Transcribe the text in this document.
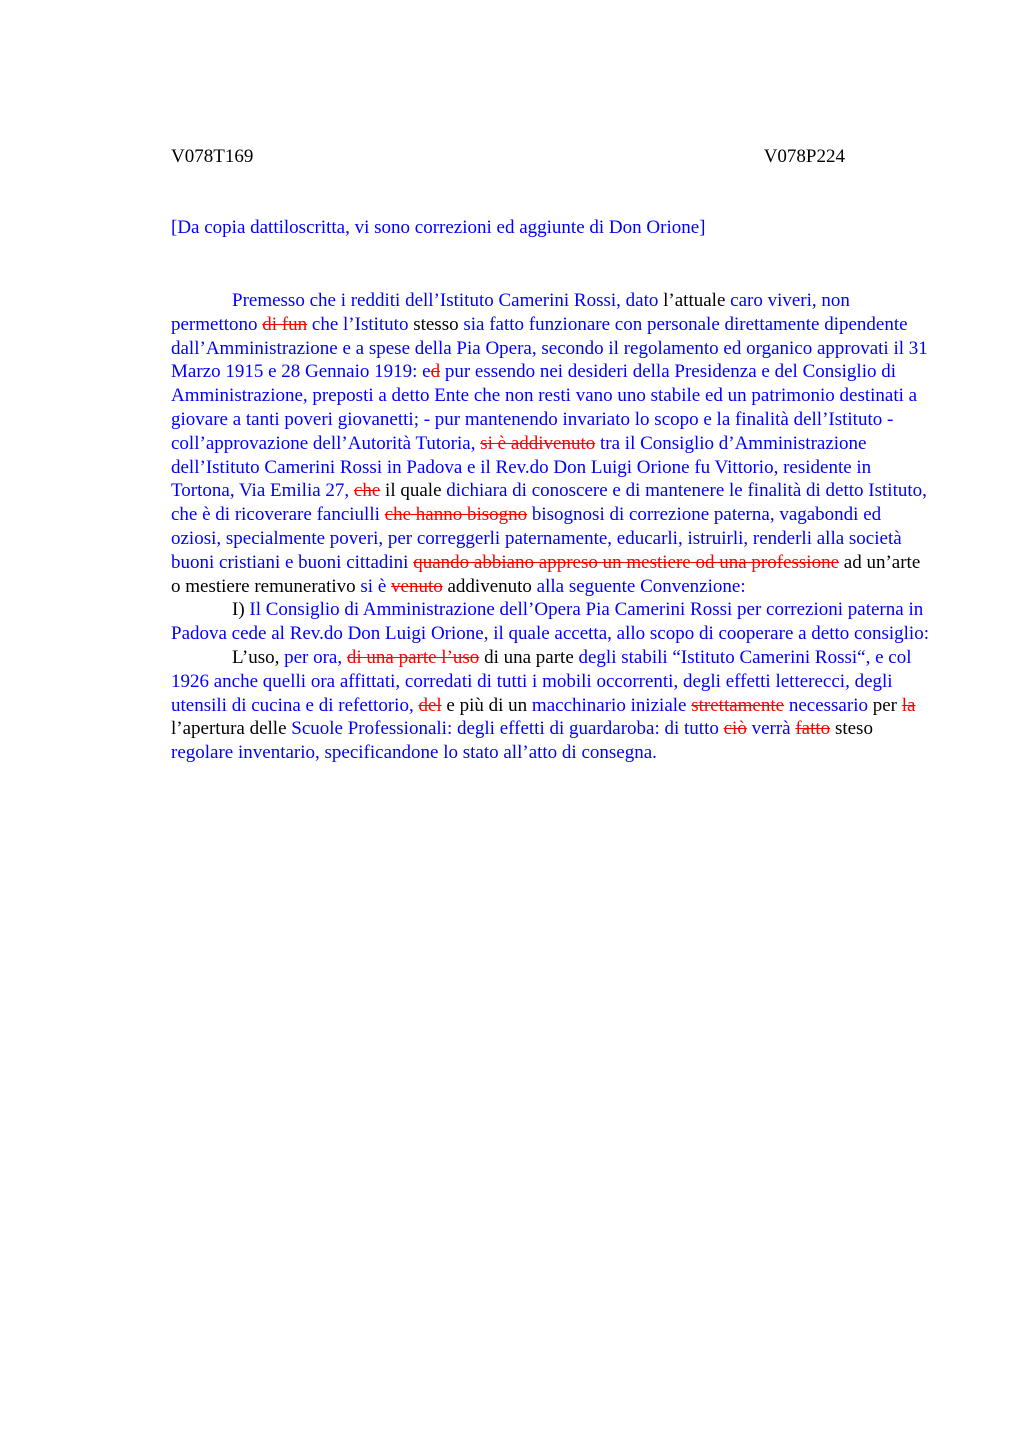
V078T169	V078P224
[Da copia dattiloscritta, vi sono correzioni ed aggiunte di Don Orione]

Premesso che i redditi dell’Istituto Camerini Rossi, dato l’attuale caro viveri, non permettono di fun che l’Istituto stesso sia fatto funzionare con personale direttamente dipendente dall’Amministrazione e a spese della Pia Opera, secondo il regolamento ed organico approvati il 31 Marzo 1915 e 28 Gennaio 1919: ed pur essendo nei desideri della Presidenza e del Consiglio di Amministrazione, preposti a detto Ente che non resti vano uno stabile ed un patrimonio destinati a giovare a tanti poveri giovanetti; - pur mantenendo invariato lo scopo e la finalità dell’Istituto - coll’approvazione dell’Autorità Tutoria, si è addivenuto tra il Consiglio d’Amministrazione dell’Istituto Camerini Rossi in Padova e il Rev.do Don Luigi Orione fu Vittorio, residente in Tortona, Via Emilia 27, che il quale dichiara di conoscere e di mantenere le finalità di detto Istituto, che è di ricoverare fanciulli che hanno bisogno bisognosi di correzione paterna, vagabondi ed oziosi, specialmente poveri, per correggerli paternamente, educarli, istruirli, renderli alla società buoni cristiani e buoni cittadini quando abbiano appreso un mestiere od una professione ad un’arte o mestiere remunerativo si è venuto addivenuto alla seguente Convenzione:

I) Il Consiglio di Amministrazione dell’Opera Pia Camerini Rossi per correzioni paterna in Padova cede al Rev.do Don Luigi Orione, il quale accetta, allo scopo di cooperare a detto consiglio:

L’uso, per ora, di una parte l’uso di una parte degli stabili “Istituto Camerini Rossi“, e col 1926 anche quelli ora affittati, corredati di tutti i mobili occorrenti, degli effetti letterecci, degli utensili di cucina e di refettorio, del e più di un macchinario iniziale strettamente necessario per la l’apertura delle Scuole Professionali: degli effetti di guardaroba: di tutto ciò verrà fatto steso regolare inventario, specificandone lo stato all’atto di consegna.
